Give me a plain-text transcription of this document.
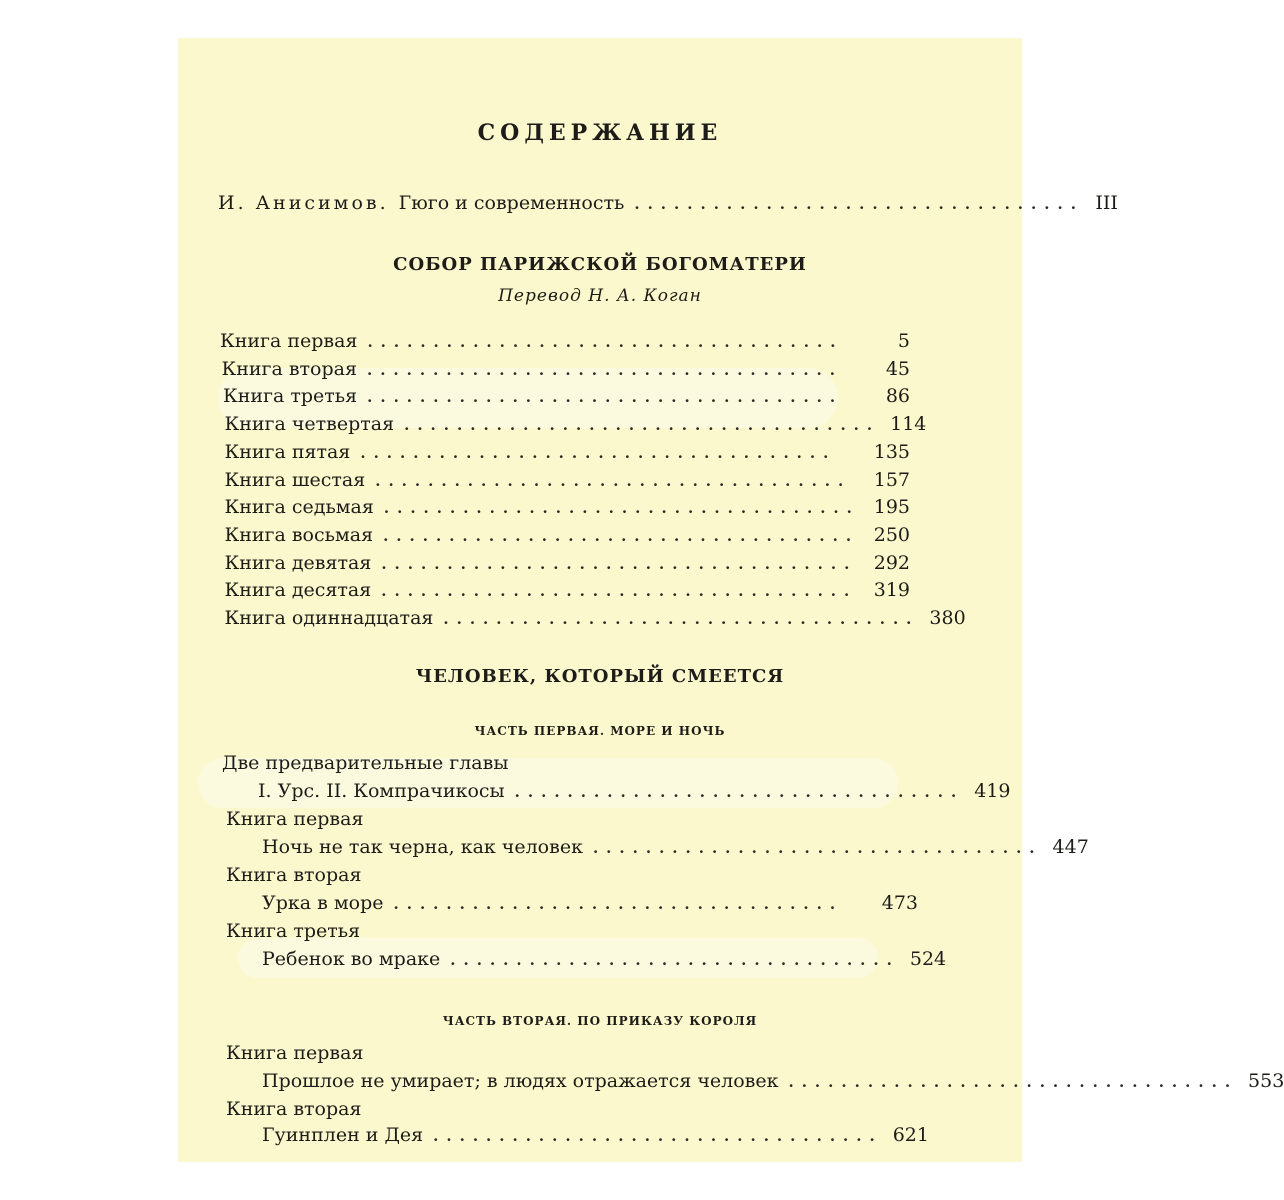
СОДЕРЖАНИЕ
И. Анисимов. Гюго и современность .................................. III
СОБОР ПАРИЖСКОЙ БОГОМАТЕРИ
Перевод Н. А. Коган
Книга первая ....................................	5
Книга вторая ....................................	45
Книга третья ....................................	86
Книга четвертая .................................... 114
Книга пятая ....................................	135
Книга шестая ....................................	157
Книга седьмая .................................... 195
Книга восьмая .................................... 250
Книга девятая .................................... 292
Книга десятая .................................... 319
Книга одиннадцатая .................................... 380
ЧЕЛОВЕК, КОТОРЫЙ СМЕЕТСЯ
ЧАСТЬ ПЕРВАЯ. МОРЕ И НОЧЬ
Две предварительные главы
I. Урс. II. Компрачикосы .................................. 419
Книга первая
Ночь не так черна, как человек .................................. 447
Книга вторая
Урка в море ..................................	473
Книга третья
Ребенок во мраке .................................. 524
ЧАСТЬ ВТОРАЯ. ПО ПРИКАЗУ КОРОЛЯ
Книга первая
Прошлое не умирает; в людях отражается человек .................................. 553
Книга вторая
Гуинплен и Дея .................................. 621
